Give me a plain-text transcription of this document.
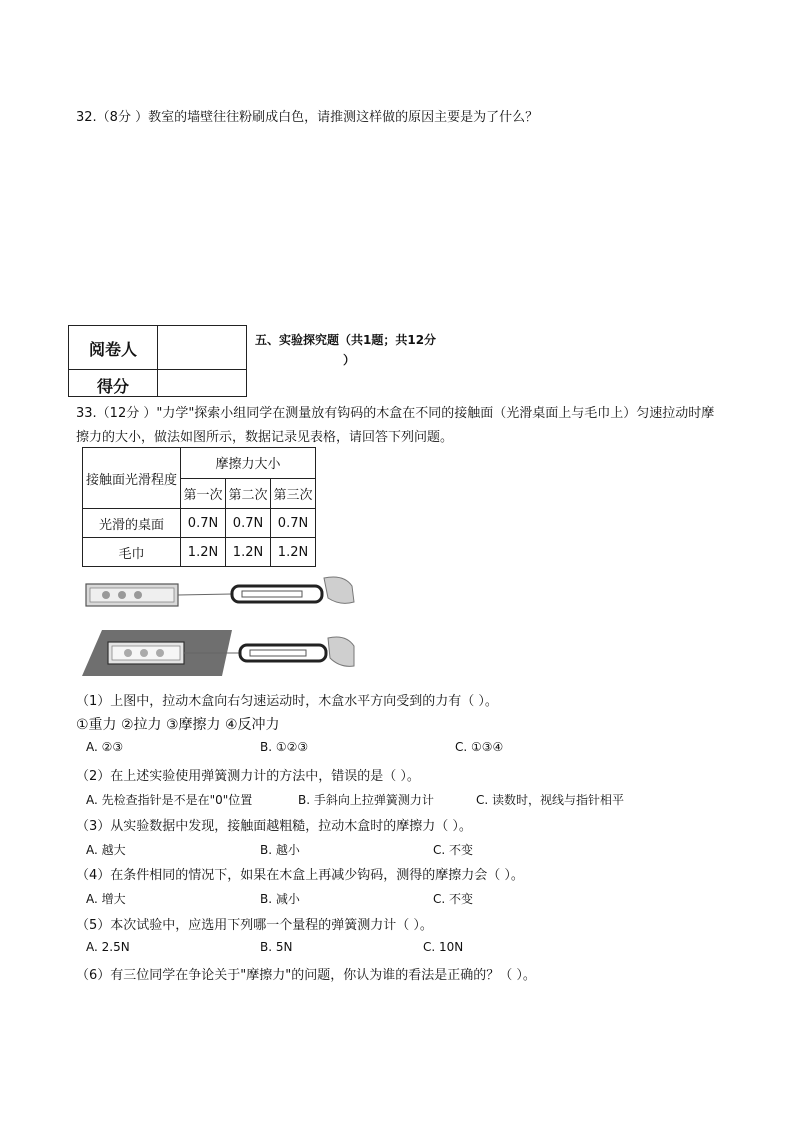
32.（8分 ）教室的墙壁往往粉刷成白色，请推测这样做的原因主要是为了什么？
阅卷人
得分
五、实验探究题（共1题；共12分
）
33.（12分 ）"力学"探索小组同学在测量放有钩码的木盒在不同的接触面（光滑桌面上与毛巾上）匀速拉动时摩擦力的大小，做法如图所示，数据记录见表格，请回答下列问题。
接触面光滑程度	摩擦力大小		
	第一次	第二次	第三次
光滑的桌面	0.7N	0.7N	0.7N
毛巾	1.2N	1.2N	1.2N
（1）上图中，拉动木盒向右匀速运动时，木盒水平方向受到的力有（ ）。
①重力 ②拉力 ③摩擦力 ④反冲力
A. ②③	B. ①②③	C. ①③④
（2）在上述实验使用弹簧测力计的方法中，错误的是（ ）。
A. 先检查指针是不是在"0"位置	B. 手斜向上拉弹簧测力计	C. 读数时，视线与指针相平
（3）从实验数据中发现，接触面越粗糙，拉动木盒时的摩擦力（ ）。
A. 越大	B. 越小	C. 不变
（4）在条件相同的情况下，如果在木盒上再减少钩码，测得的摩擦力会（ ）。
A. 增大	B. 减小	C. 不变
（5）本次试验中，应选用下列哪一个量程的弹簧测力计（ ）。
A. 2.5N	B. 5N	C. 10N
（6）有三位同学在争论关于"摩擦力"的问题，你认为谁的看法是正确的？（ ）。
